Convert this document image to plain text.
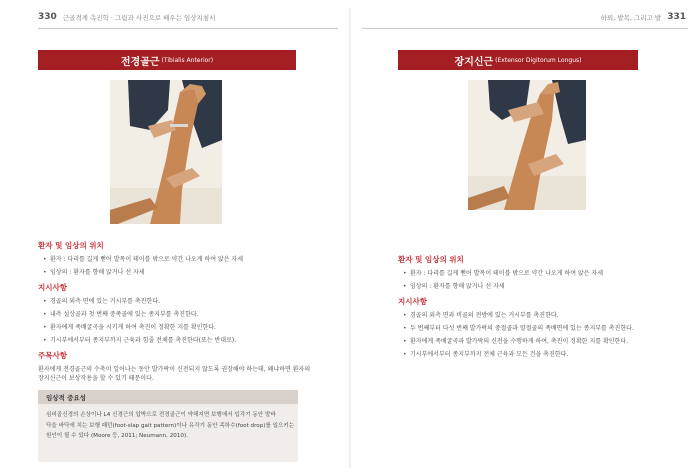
330 근골격계 촉진학 · 그림과 사진으로 배우는 임상지침서
전경골근 (Tibialis Anterior)
환자 및 임상의 위치
• 환자 : 다리를 길게 뻗어 발목이 테이블 밖으로 약간 나오게 하여 앉은 자세
• 임상의 : 환자를 향해 앉거나 선 자세
지시사항
• 경골의 외측 면에 있는 거시부를 촉진한다.
• 내측 설상골과 첫 번째 중족골에 있는 종지부를 촉진한다.
• 환자에게 족배굴곡을 시키게 하여 촉진이 정확한 지를 확인한다.
• 기시부에서부터 종지부까지 근육과 힘줄 전체를 촉진한다(또는 반대로).
주목사항
환자에게 전경골근의 수축이 일어나는 동안 발가락이 신전되지 않도록 권장해야 하는데, 왜냐하면 환자의
장지신근이 보상작용을 할 수 있기 때문이다.
임상적 중요성
심비골신경의 손상이나 L4 신경근의 압박으로 전경골근이 약해지면 보행에서 입각기 동안 발바
닥을 바닥에 치는 보행 패턴(foot-slap gait pattern)이나 유각기 동안 족하수(foot drop)를 일으키는
원인이 될 수 있다 (Moore 등, 2011; Neumann, 2010).
하퇴, 발목, 그리고 발 331
장지신근 (Extensor Digitorum Longus)
환자 및 임상의 위치
• 환자 : 다리를 길게 뻗어 발목이 테이블 밖으로 약간 나오게 하여 앉은 자세
• 임상의 : 환자를 향해 앉거나 선 자세
지시사항
• 경골의 외측 면과 비골의 전방에 있는 거시부를 촉진한다.
• 두 번째부터 다섯 번째 발가락의 중절골과 말절골의 족배면에 있는 종지부를 촉진한다.
• 환자에게 족배굴곡과 발가락의 신전을 수행하게 하여, 촉진이 정확한 지를 확인한다.
• 기시부에서부터 종지부까지 전체 근육과 모든 건을 촉진한다.
